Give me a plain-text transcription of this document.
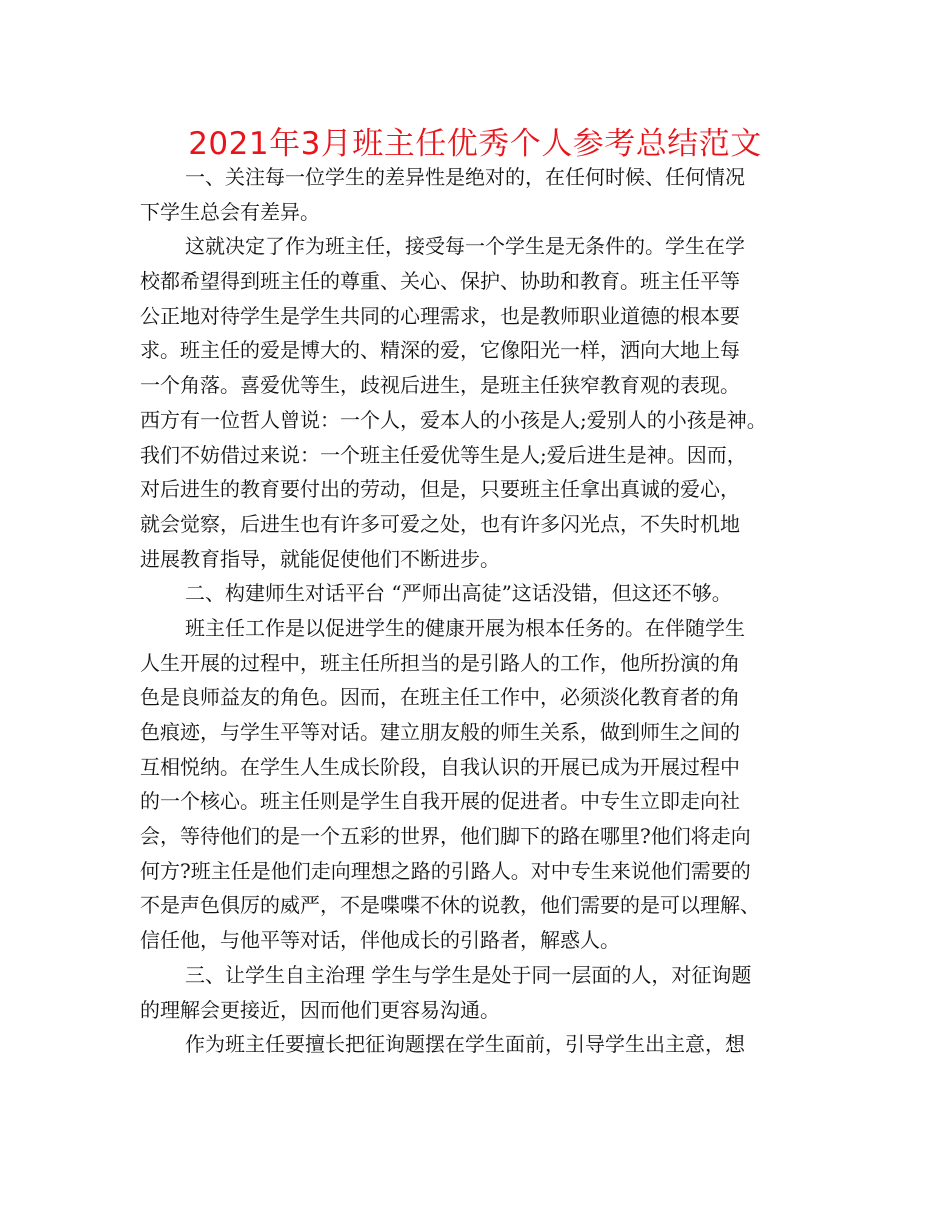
2021年3月班主任优秀个人参考总结范文
一、关注每一位学生的差异性是绝对的，在任何时候、任何情况
下学生总会有差异。
这就决定了作为班主任，接受每一个学生是无条件的。学生在学
校都希望得到班主任的尊重、关心、保护、协助和教育。班主任平等
公正地对待学生是学生共同的心理需求，也是教师职业道德的根本要
求。班主任的爱是博大的、精深的爱，它像阳光一样，洒向大地上每
一个角落。喜爱优等生，歧视后进生，是班主任狭窄教育观的表现。
西方有一位哲人曾说：一个人，爱本人的小孩是人;爱别人的小孩是神。
我们不妨借过来说：一个班主任爱优等生是人;爱后进生是神。因而，
对后进生的教育要付出的劳动，但是，只要班主任拿出真诚的爱心，
就会觉察，后进生也有许多可爱之处，也有许多闪光点，不失时机地
进展教育指导，就能促使他们不断进步。
二、构建师生对话平台 “严师出高徒”这话没错，但这还不够。
班主任工作是以促进学生的健康开展为根本任务的。在伴随学生
人生开展的过程中，班主任所担当的是引路人的工作，他所扮演的角
色是良师益友的角色。因而，在班主任工作中，必须淡化教育者的角
色痕迹，与学生平等对话。建立朋友般的师生关系，做到师生之间的
互相悦纳。在学生人生成长阶段，自我认识的开展已成为开展过程中
的一个核心。班主任则是学生自我开展的促进者。中专生立即走向社
会，等待他们的是一个五彩的世界，他们脚下的路在哪里?他们将走向
何方?班主任是他们走向理想之路的引路人。对中专生来说他们需要的
不是声色俱厉的威严，不是喋喋不休的说教，他们需要的是可以理解、
信任他，与他平等对话，伴他成长的引路者，解惑人。
三、让学生自主治理 学生与学生是处于同一层面的人，对征询题
的理解会更接近，因而他们更容易沟通。
作为班主任要擅长把征询题摆在学生面前，引导学生出主意，想
